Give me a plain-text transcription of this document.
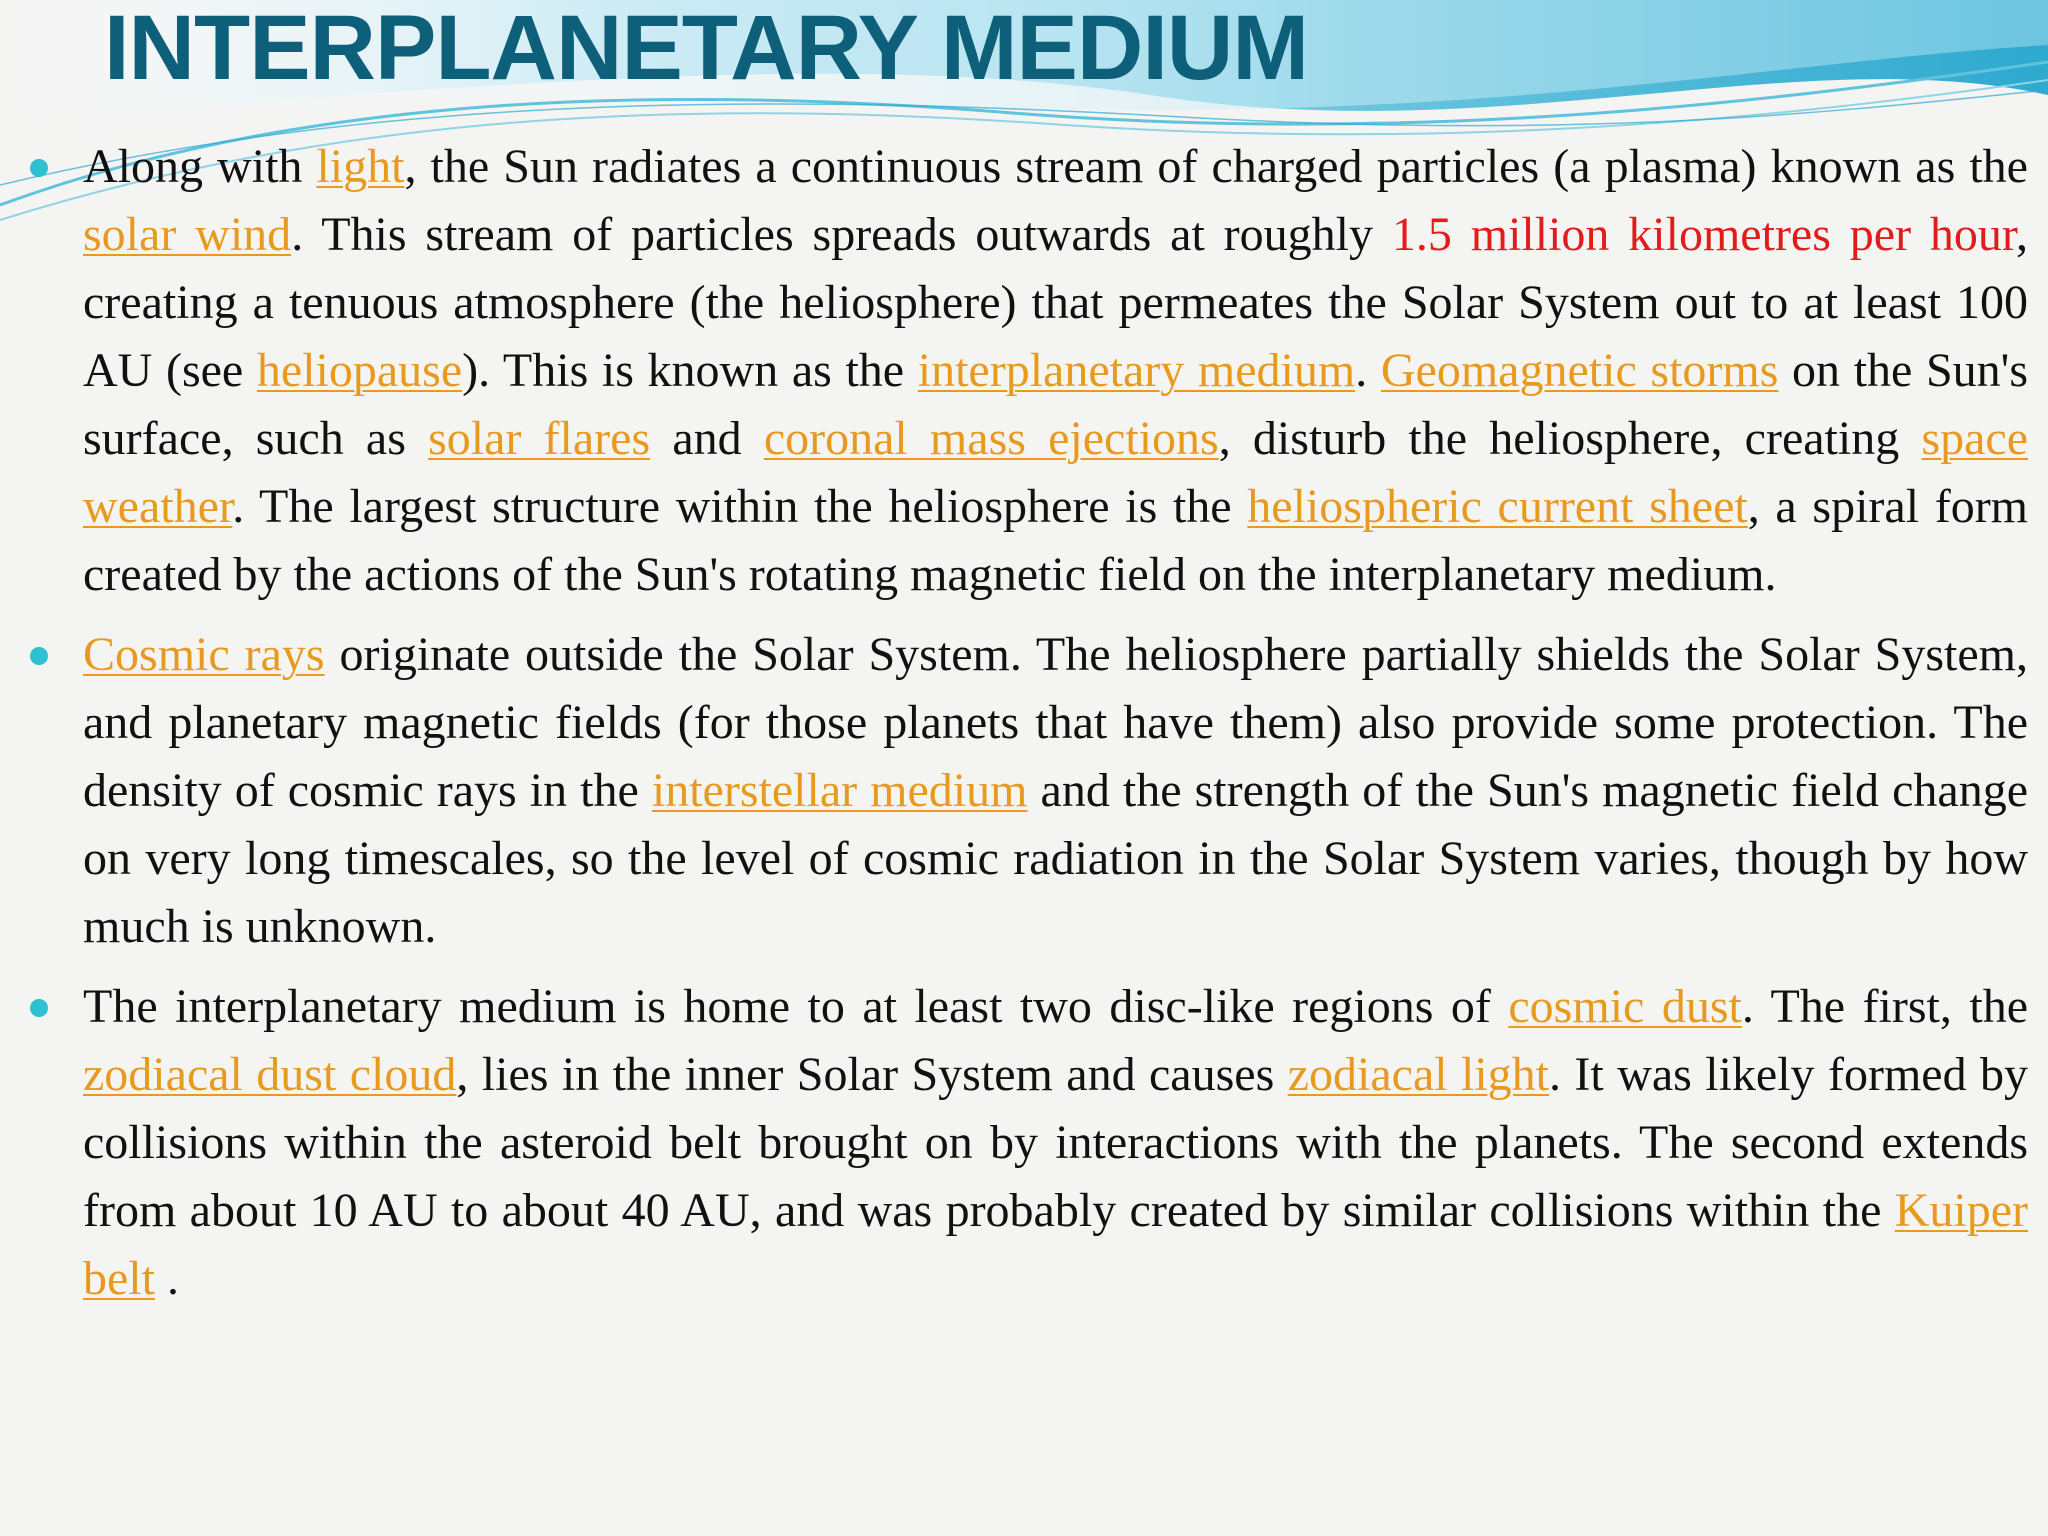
INTERPLANETARY MEDIUM

Along with light, the Sun radiates a continuous stream of charged particles (a plasma) known as the solar wind. This stream of particles spreads outwards at roughly 1.5 million kilometres per hour, creating a tenuous atmosphere (the heliosphere) that permeates the Solar System out to at least 100 AU (see heliopause). This is known as the interplanetary medium. Geomagnetic storms on the Sun's surface, such as solar flares and coronal mass ejections, disturb the heliosphere, creating space weather. The largest structure within the heliosphere is the heliospheric current sheet, a spiral form created by the actions of the Sun's rotating magnetic field on the interplanetary medium.

Cosmic rays originate outside the Solar System. The heliosphere partially shields the Solar System, and planetary magnetic fields (for those planets that have them) also provide some protection. The density of cosmic rays in the interstellar medium and the strength of the Sun's magnetic field change on very long timescales, so the level of cosmic radiation in the Solar System varies, though by how much is unknown.

The interplanetary medium is home to at least two disc-like regions of cosmic dust. The first, the zodiacal dust cloud, lies in the inner Solar System and causes zodiacal light. It was likely formed by collisions within the asteroid belt brought on by interactions with the planets. The second extends from about 10 AU to about 40 AU, and was probably created by similar collisions within the Kuiper belt .
